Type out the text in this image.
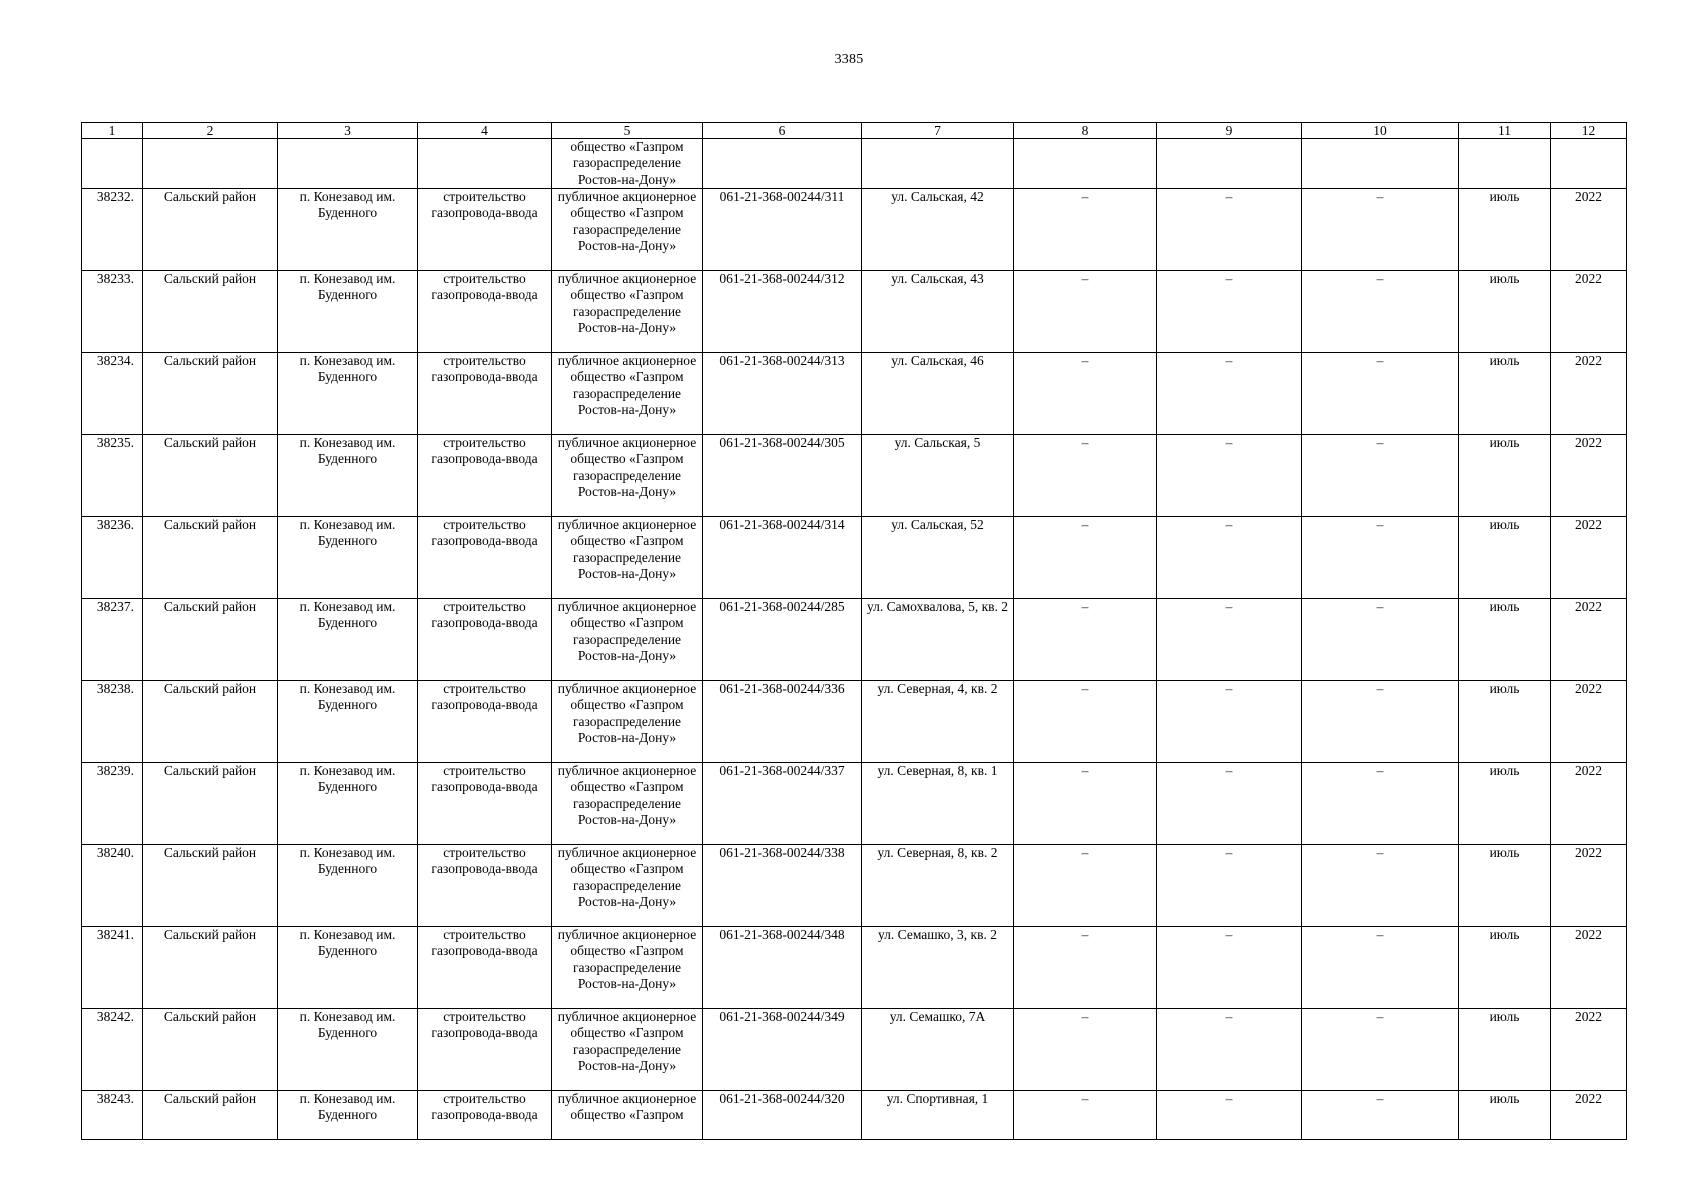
3385
1	2	3	4	5	6	7	8	9	10	11	12
				общество «Газпром газораспределение Ростов-на-Дону»							
38232.	Сальский район	п. Конезавод им. Буденного	строительство газопровода-ввода	публичное акционерное общество «Газпром газораспределение Ростов-на-Дону»	061-21-368-00244/311	ул. Сальская, 42	–	–	–	июль	2022
38233.	Сальский район	п. Конезавод им. Буденного	строительство газопровода-ввода	публичное акционерное общество «Газпром газораспределение Ростов-на-Дону»	061-21-368-00244/312	ул. Сальская, 43	–	–	–	июль	2022
38234.	Сальский район	п. Конезавод им. Буденного	строительство газопровода-ввода	публичное акционерное общество «Газпром газораспределение Ростов-на-Дону»	061-21-368-00244/313	ул. Сальская, 46	–	–	–	июль	2022
38235.	Сальский район	п. Конезавод им. Буденного	строительство газопровода-ввода	публичное акционерное общество «Газпром газораспределение Ростов-на-Дону»	061-21-368-00244/305	ул. Сальская, 5	–	–	–	июль	2022
38236.	Сальский район	п. Конезавод им. Буденного	строительство газопровода-ввода	публичное акционерное общество «Газпром газораспределение Ростов-на-Дону»	061-21-368-00244/314	ул. Сальская, 52	–	–	–	июль	2022
38237.	Сальский район	п. Конезавод им. Буденного	строительство газопровода-ввода	публичное акционерное общество «Газпром газораспределение Ростов-на-Дону»	061-21-368-00244/285	ул. Самохвалова, 5, кв. 2	–	–	–	июль	2022
38238.	Сальский район	п. Конезавод им. Буденного	строительство газопровода-ввода	публичное акционерное общество «Газпром газораспределение Ростов-на-Дону»	061-21-368-00244/336	ул. Северная, 4, кв. 2	–	–	–	июль	2022
38239.	Сальский район	п. Конезавод им. Буденного	строительство газопровода-ввода	публичное акционерное общество «Газпром газораспределение Ростов-на-Дону»	061-21-368-00244/337	ул. Северная, 8, кв. 1	–	–	–	июль	2022
38240.	Сальский район	п. Конезавод им. Буденного	строительство газопровода-ввода	публичное акционерное общество «Газпром газораспределение Ростов-на-Дону»	061-21-368-00244/338	ул. Северная, 8, кв. 2	–	–	–	июль	2022
38241.	Сальский район	п. Конезавод им. Буденного	строительство газопровода-ввода	публичное акционерное общество «Газпром газораспределение Ростов-на-Дону»	061-21-368-00244/348	ул. Семашко, 3, кв. 2	–	–	–	июль	2022
38242.	Сальский район	п. Конезавод им. Буденного	строительство газопровода-ввода	публичное акционерное общество «Газпром газораспределение Ростов-на-Дону»	061-21-368-00244/349	ул. Семашко, 7А	–	–	–	июль	2022
38243.	Сальский район	п. Конезавод им. Буденного	строительство газопровода-ввода	публичное акционерное общество «Газпром	061-21-368-00244/320	ул. Спортивная, 1	–	–	–	июль	2022
